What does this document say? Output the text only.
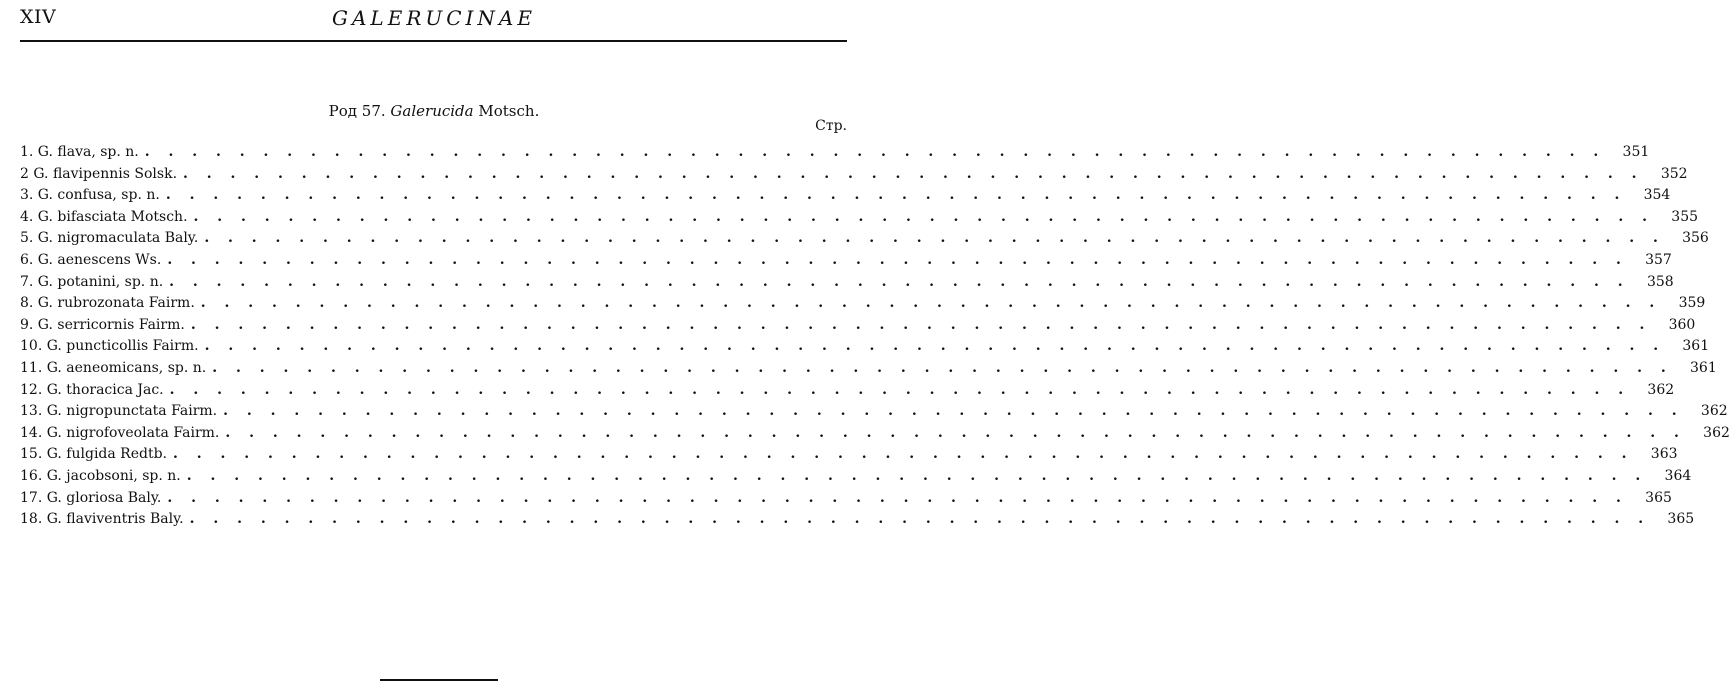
XIV	GALERUCINAE
Род 57. Galerucida Motsch.
Стр.
1. G. flava, sp. n. . . . . . . . . . . . . . . . . . . . . . . . . . . . . . . . . . . . . . . . . . . . . . . . . . . . . . . . . . . . . . .	351
2 G. flavipennis Solsk. . . . . . . . . . . . . . . . . . . . . . . . . . . . . . . . . . . . . . . . . . . . . . . . . . . . . . . . . . . . . . .	352
3. G. confusa, sp. n. . . . . . . . . . . . . . . . . . . . . . . . . . . . . . . . . . . . . . . . . . . . . . . . . . . . . . . . . . . . . . .	354
4. G. bifasciata Motsch. . . . . . . . . . . . . . . . . . . . . . . . . . . . . . . . . . . . . . . . . . . . . . . . . . . . . . . . . . . . . . .	355
5. G. nigromaculata Baly. . . . . . . . . . . . . . . . . . . . . . . . . . . . . . . . . . . . . . . . . . . . . . . . . . . . . . . . . . . . . . .	356
6. G. aenescens Ws. . . . . . . . . . . . . . . . . . . . . . . . . . . . . . . . . . . . . . . . . . . . . . . . . . . . . . . . . . . . . . .	357
7. G. potanini, sp. n. . . . . . . . . . . . . . . . . . . . . . . . . . . . . . . . . . . . . . . . . . . . . . . . . . . . . . . . . . . . . . .	358
8. G. rubrozonata Fairm. . . . . . . . . . . . . . . . . . . . . . . . . . . . . . . . . . . . . . . . . . . . . . . . . . . . . . . . . . . . . . .	359
9. G. serricornis Fairm. . . . . . . . . . . . . . . . . . . . . . . . . . . . . . . . . . . . . . . . . . . . . . . . . . . . . . . . . . . . . . .	360
10. G. puncticollis Fairm. . . . . . . . . . . . . . . . . . . . . . . . . . . . . . . . . . . . . . . . . . . . . . . . . . . . . . . . . . . . . . .	361
11. G. aeneomicans, sp. n. . . . . . . . . . . . . . . . . . . . . . . . . . . . . . . . . . . . . . . . . . . . . . . . . . . . . . . . . . . . . . .	361
12. G. thoracica Jac. . . . . . . . . . . . . . . . . . . . . . . . . . . . . . . . . . . . . . . . . . . . . . . . . . . . . . . . . . . . . . .	362
13. G. nigropunctata Fairm. . . . . . . . . . . . . . . . . . . . . . . . . . . . . . . . . . . . . . . . . . . . . . . . . . . . . . . . . . . . . . .	362
14. G. nigrofoveolata Fairm. . . . . . . . . . . . . . . . . . . . . . . . . . . . . . . . . . . . . . . . . . . . . . . . . . . . . . . . . . . . . . .	362
15. G. fulgida Redtb. . . . . . . . . . . . . . . . . . . . . . . . . . . . . . . . . . . . . . . . . . . . . . . . . . . . . . . . . . . . . . .	363
16. G. jacobsoni, sp. n. . . . . . . . . . . . . . . . . . . . . . . . . . . . . . . . . . . . . . . . . . . . . . . . . . . . . . . . . . . . . . .	364
17. G. gloriosa Baly. . . . . . . . . . . . . . . . . . . . . . . . . . . . . . . . . . . . . . . . . . . . . . . . . . . . . . . . . . . . . . .	365
18. G. flaviventris Baly. . . . . . . . . . . . . . . . . . . . . . . . . . . . . . . . . . . . . . . . . . . . . . . . . . . . . . . . . . . . . . .	365
